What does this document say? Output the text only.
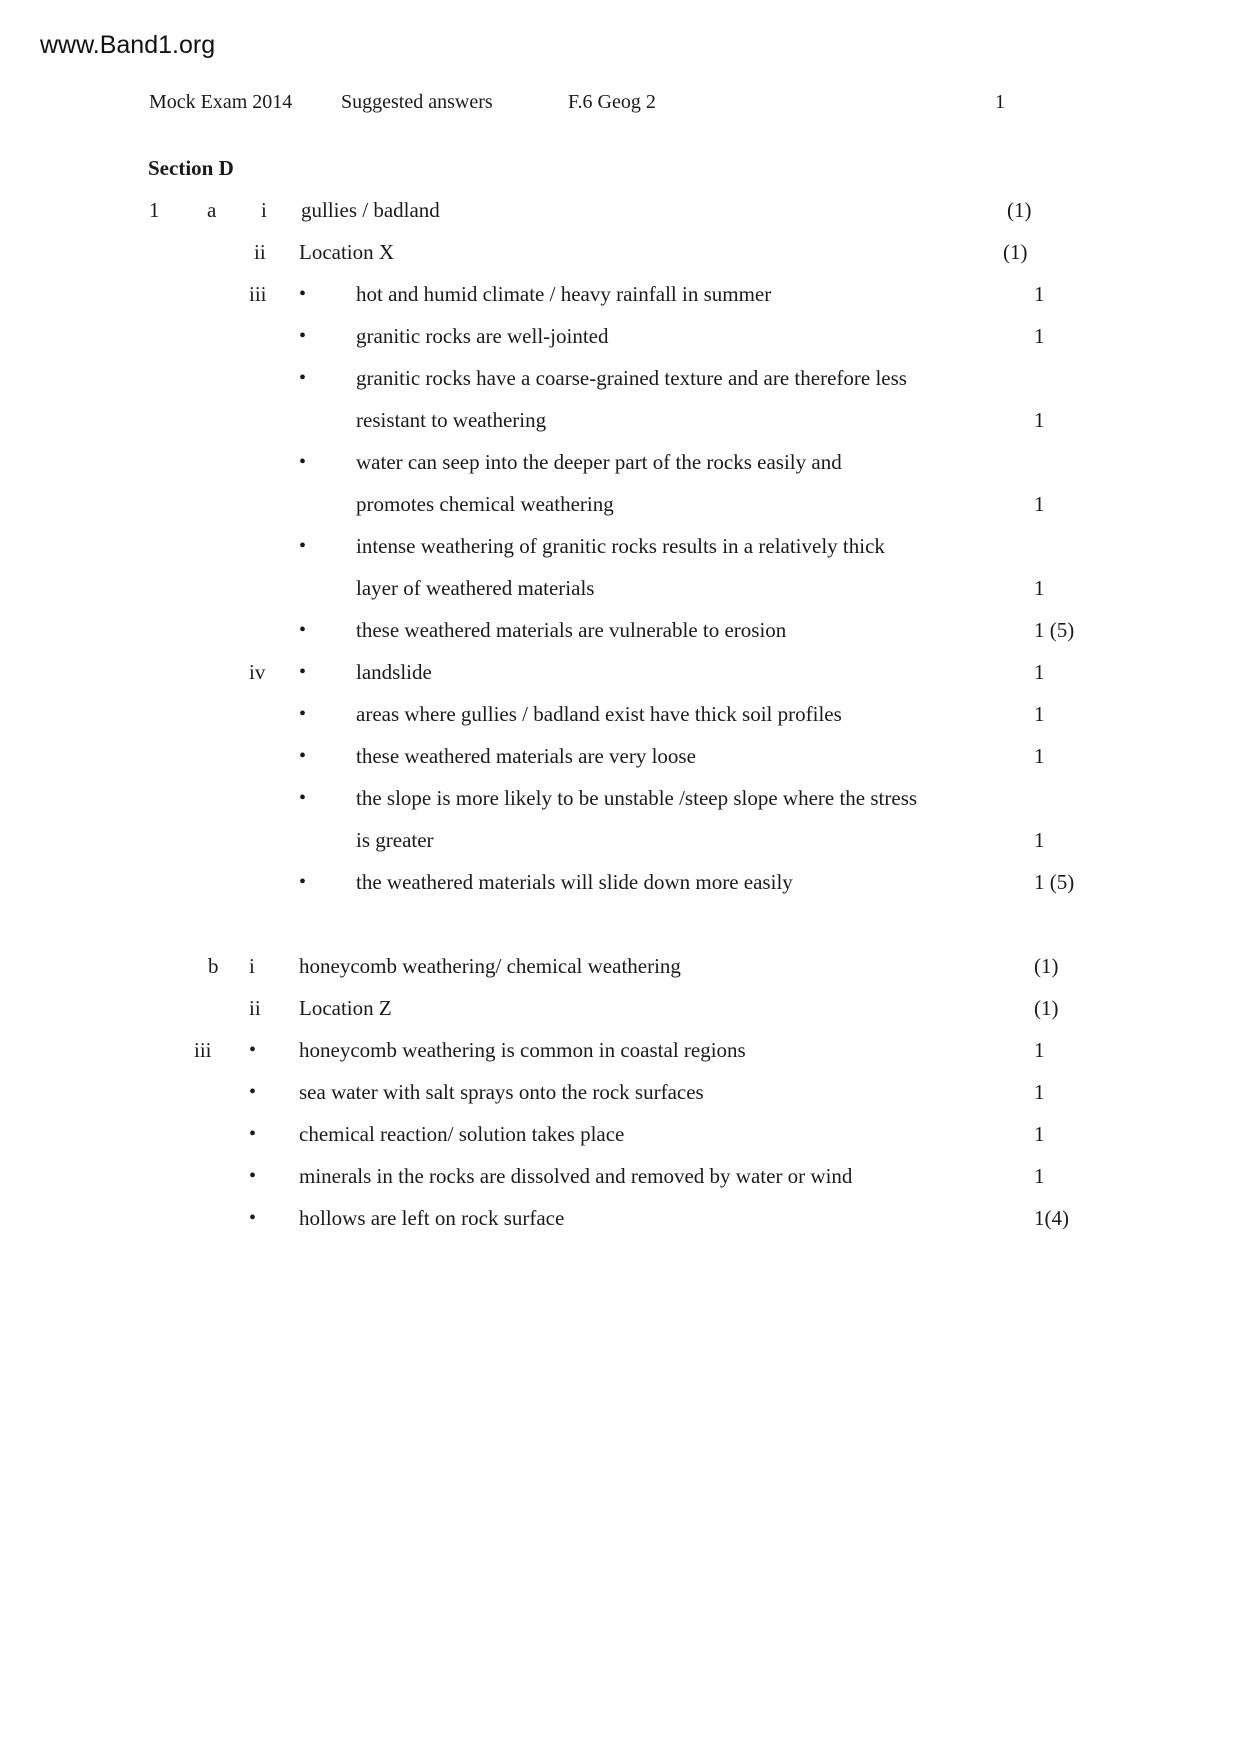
www.Band1.org
Mock Exam 2014 Suggested answers	F.6 Geog 2	1
Section D
1 a i gullies / badland	(1)
ii Location X	(1)
iii • hot and humid climate / heavy rainfall in summer	1
• granitic rocks are well-jointed	1
• granitic rocks have a coarse-grained texture and are therefore less
resistant to weathering	1
• water can seep into the deeper part of the rocks easily and
promotes chemical weathering	1
• intense weathering of granitic rocks results in a relatively thick
layer of weathered materials	1
• these weathered materials are vulnerable to erosion	1 (5)
iv • landslide	1
• areas where gullies / badland exist have thick soil profiles	1
• these weathered materials are very loose	1
• the slope is more likely to be unstable /steep slope where the stress
is greater	1
• the weathered materials will slide down more easily	1 (5)
b i honeycomb weathering/ chemical weathering	(1)
ii Location Z	(1)
iii • honeycomb weathering is common in coastal regions	1
• sea water with salt sprays onto the rock surfaces	1
• chemical reaction/ solution takes place	1
• minerals in the rocks are dissolved and removed by water or wind	1
• hollows are left on rock surface	1(4)
